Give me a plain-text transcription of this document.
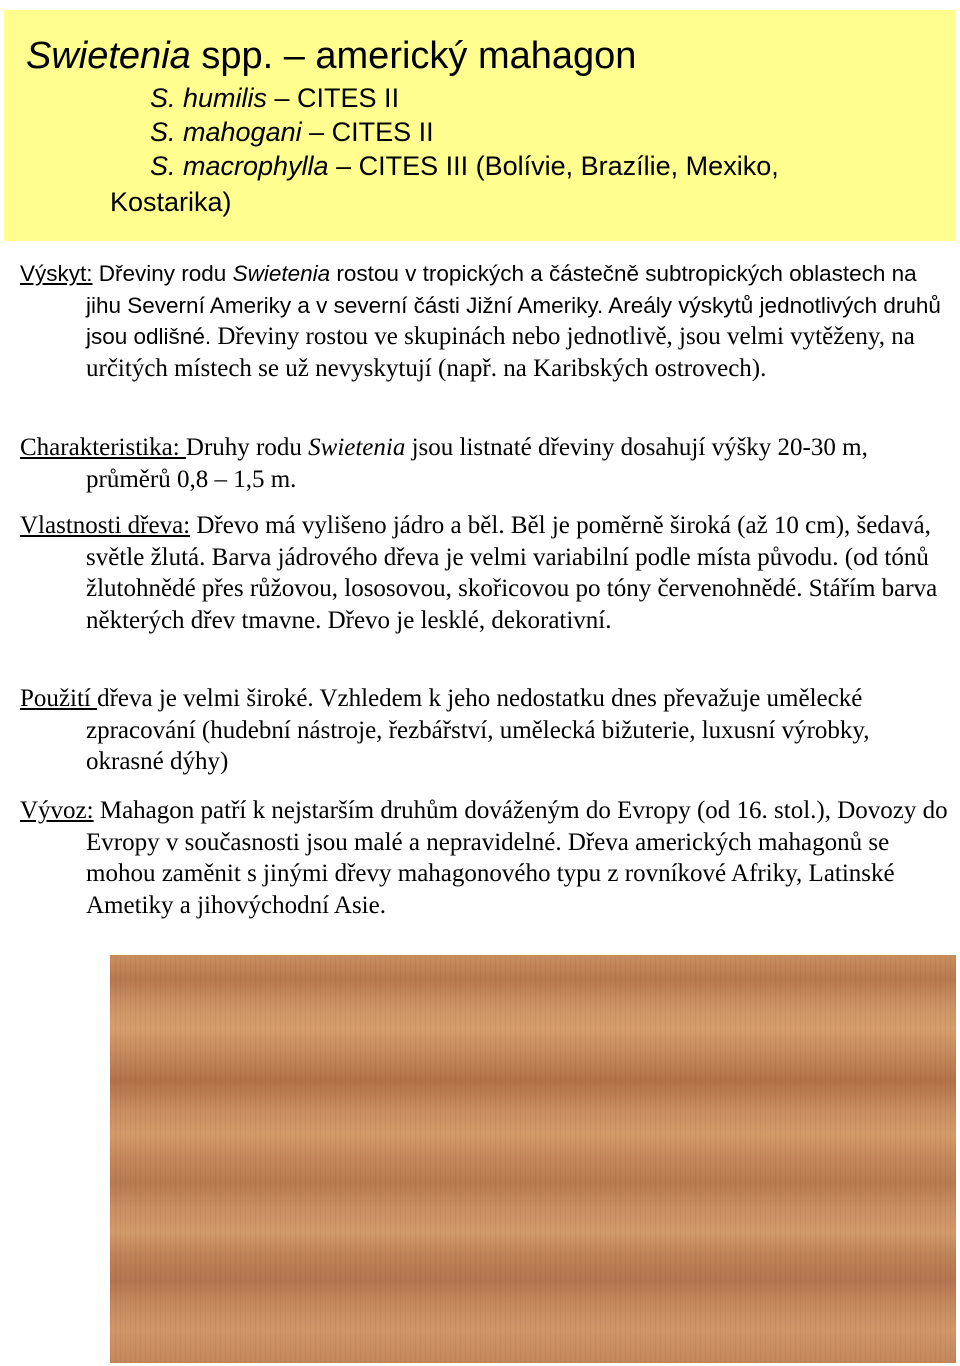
Swietenia spp. – americký mahagon
S. humilis – CITES II
S. mahogani – CITES II
S. macrophylla – CITES III (Bolívie, Brazílie, Mexiko,
Kostarika)

Výskyt: Dřeviny rodu Swietenia rostou v tropických a částečně subtropických oblastech na jihu Severní Ameriky a v severní části Jižní Ameriky. Areály výskytů jednotlivých druhů jsou odlišné. Dřeviny rostou ve skupinách nebo jednotlivě, jsou velmi vytěženy, na určitých místech se už nevyskytují (např. na Karibských ostrovech).

Charakteristika: Druhy rodu Swietenia jsou listnaté dřeviny dosahují výšky 20-30 m, průměrů 0,8 – 1,5 m.

Vlastnosti dřeva: Dřevo má vylišeno jádro a běl. Běl je poměrně široká (až 10 cm), šedavá, světle žlutá. Barva jádrového dřeva je velmi variabilní podle místa původu. (od tónů žlutohnědé přes růžovou, lososovou, skořicovou po tóny červenohnědé. Stářím barva některých dřev tmavne. Dřevo je lesklé, dekorativní.

Použití dřeva je velmi široké. Vzhledem k jeho nedostatku dnes převažuje umělecké zpracování (hudební nástroje, řezbářství, umělecká bižuterie, luxusní výrobky, okrasné dýhy)

Vývoz: Mahagon patří k nejstarším druhům dováženým do Evropy (od 16. stol.), Dovozy do Evropy v současnosti jsou malé a nepravidelné. Dřeva amerických mahagonů se mohou zaměnit s jinými dřevy mahagonového typu z rovníkové Afriky, Latinské Ametiky a jihovýchodní Asie.
